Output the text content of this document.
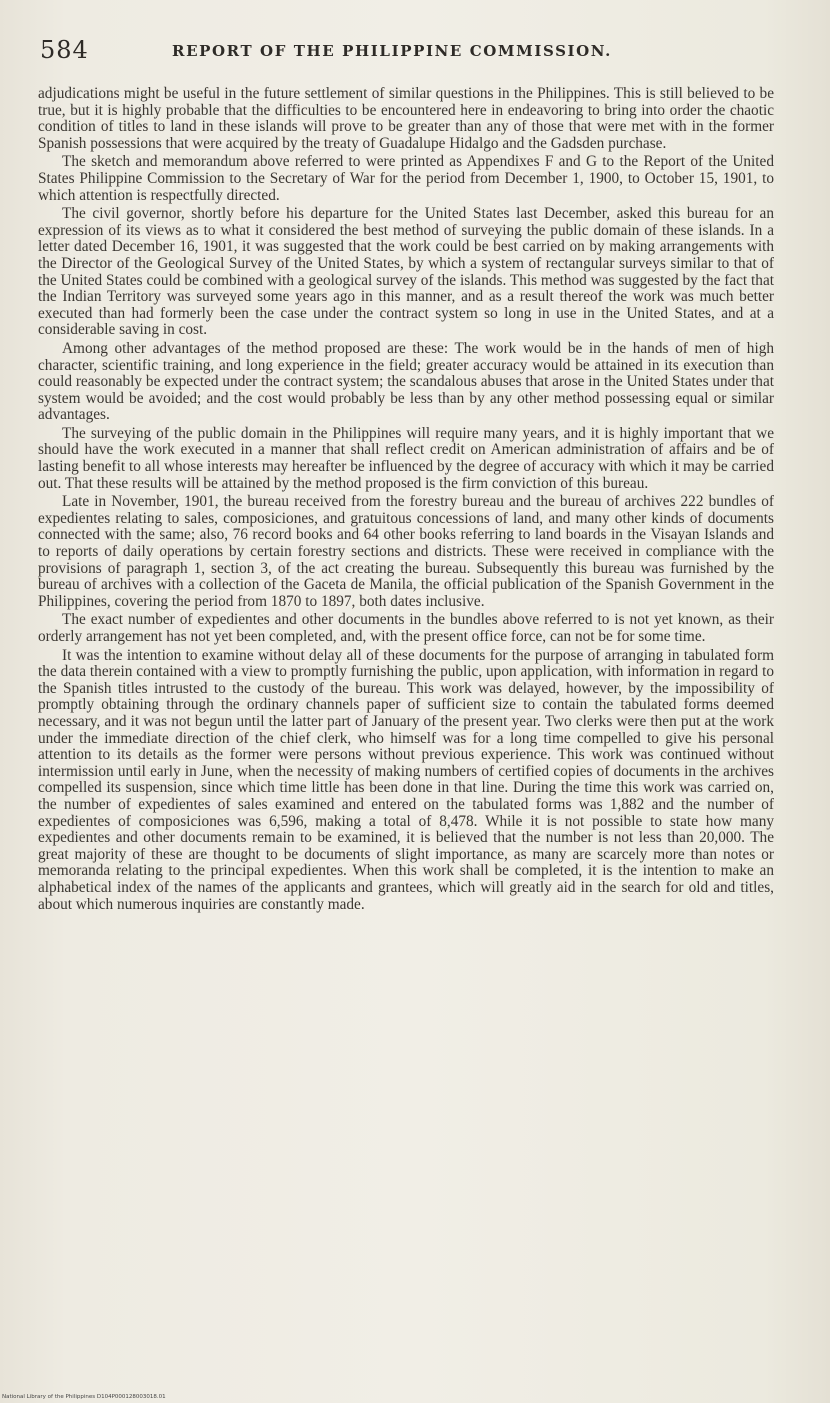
584	REPORT OF THE PHILIPPINE COMMISSION.

adjudications might be useful in the future settlement of similar questions in the Philippines. This is still believed to be true, but it is highly probable that the difficulties to be encountered here in endeavoring to bring into order the chaotic condition of titles to land in these islands will prove to be greater than any of those that were met with in the former Spanish possessions that were acquired by the treaty of Guadalupe Hidalgo and the Gadsden purchase.

The sketch and memorandum above referred to were printed as Appendixes F and G to the Report of the United States Philippine Commission to the Secretary of War for the period from December 1, 1900, to October 15, 1901, to which attention is respectfully directed.

The civil governor, shortly before his departure for the United States last December, asked this bureau for an expression of its views as to what it considered the best method of surveying the public domain of these islands. In a letter dated December 16, 1901, it was suggested that the work could be best carried on by making arrangements with the Director of the Geological Survey of the United States, by which a system of rectangular surveys similar to that of the United States could be combined with a geological survey of the islands. This method was suggested by the fact that the Indian Territory was surveyed some years ago in this manner, and as a result thereof the work was much better executed than had formerly been the case under the contract system so long in use in the United States, and at a considerable saving in cost.

Among other advantages of the method proposed are these: The work would be in the hands of men of high character, scientific training, and long experience in the field; greater accuracy would be attained in its execution than could reasonably be expected under the contract system; the scandalous abuses that arose in the United States under that system would be avoided; and the cost would probably be less than by any other method possessing equal or similar advantages.

The surveying of the public domain in the Philippines will require many years, and it is highly important that we should have the work executed in a manner that shall reflect credit on American administration of affairs and be of lasting benefit to all whose interests may hereafter be influenced by the degree of accuracy with which it may be carried out. That these results will be attained by the method proposed is the firm conviction of this bureau.

Late in November, 1901, the bureau received from the forestry bureau and the bureau of archives 222 bundles of expedientes relating to sales, composiciones, and gratuitous concessions of land, and many other kinds of documents connected with the same; also, 76 record books and 64 other books referring to land boards in the Visayan Islands and to reports of daily operations by certain forestry sections and districts. These were received in compliance with the provisions of paragraph 1, section 3, of the act creating the bureau. Subsequently this bureau was furnished by the bureau of archives with a collection of the Gaceta de Manila, the official publication of the Spanish Government in the Philippines, covering the period from 1870 to 1897, both dates inclusive.

The exact number of expedientes and other documents in the bundles above referred to is not yet known, as their orderly arrangement has not yet been completed, and, with the present office force, can not be for some time.

It was the intention to examine without delay all of these documents for the purpose of arranging in tabulated form the data therein contained with a view to promptly furnishing the public, upon application, with information in regard to the Spanish titles intrusted to the custody of the bureau. This work was delayed, however, by the impossibility of promptly obtaining through the ordinary channels paper of sufficient size to contain the tabulated forms deemed necessary, and it was not begun until the latter part of January of the present year. Two clerks were then put at the work under the immediate direction of the chief clerk, who himself was for a long time compelled to give his personal attention to its details as the former were persons without previous experience. This work was continued without intermission until early in June, when the necessity of making numbers of certified copies of documents in the archives compelled its suspension, since which time little has been done in that line. During the time this work was carried on, the number of expedientes of sales examined and entered on the tabulated forms was 1,882 and the number of expedientes of composiciones was 6,596, making a total of 8,478. While it is not possible to state how many expedientes and other documents remain to be examined, it is believed that the number is not less than 20,000. The great majority of these are thought to be documents of slight importance, as many are scarcely more than notes or memoranda relating to the principal expedientes. When this work shall be completed, it is the intention to make an alphabetical index of the names of the applicants and grantees, which will greatly aid in the search for old and titles, about which numerous inquiries are constantly made.

National Library of the Philippines D104P000128003018.01
